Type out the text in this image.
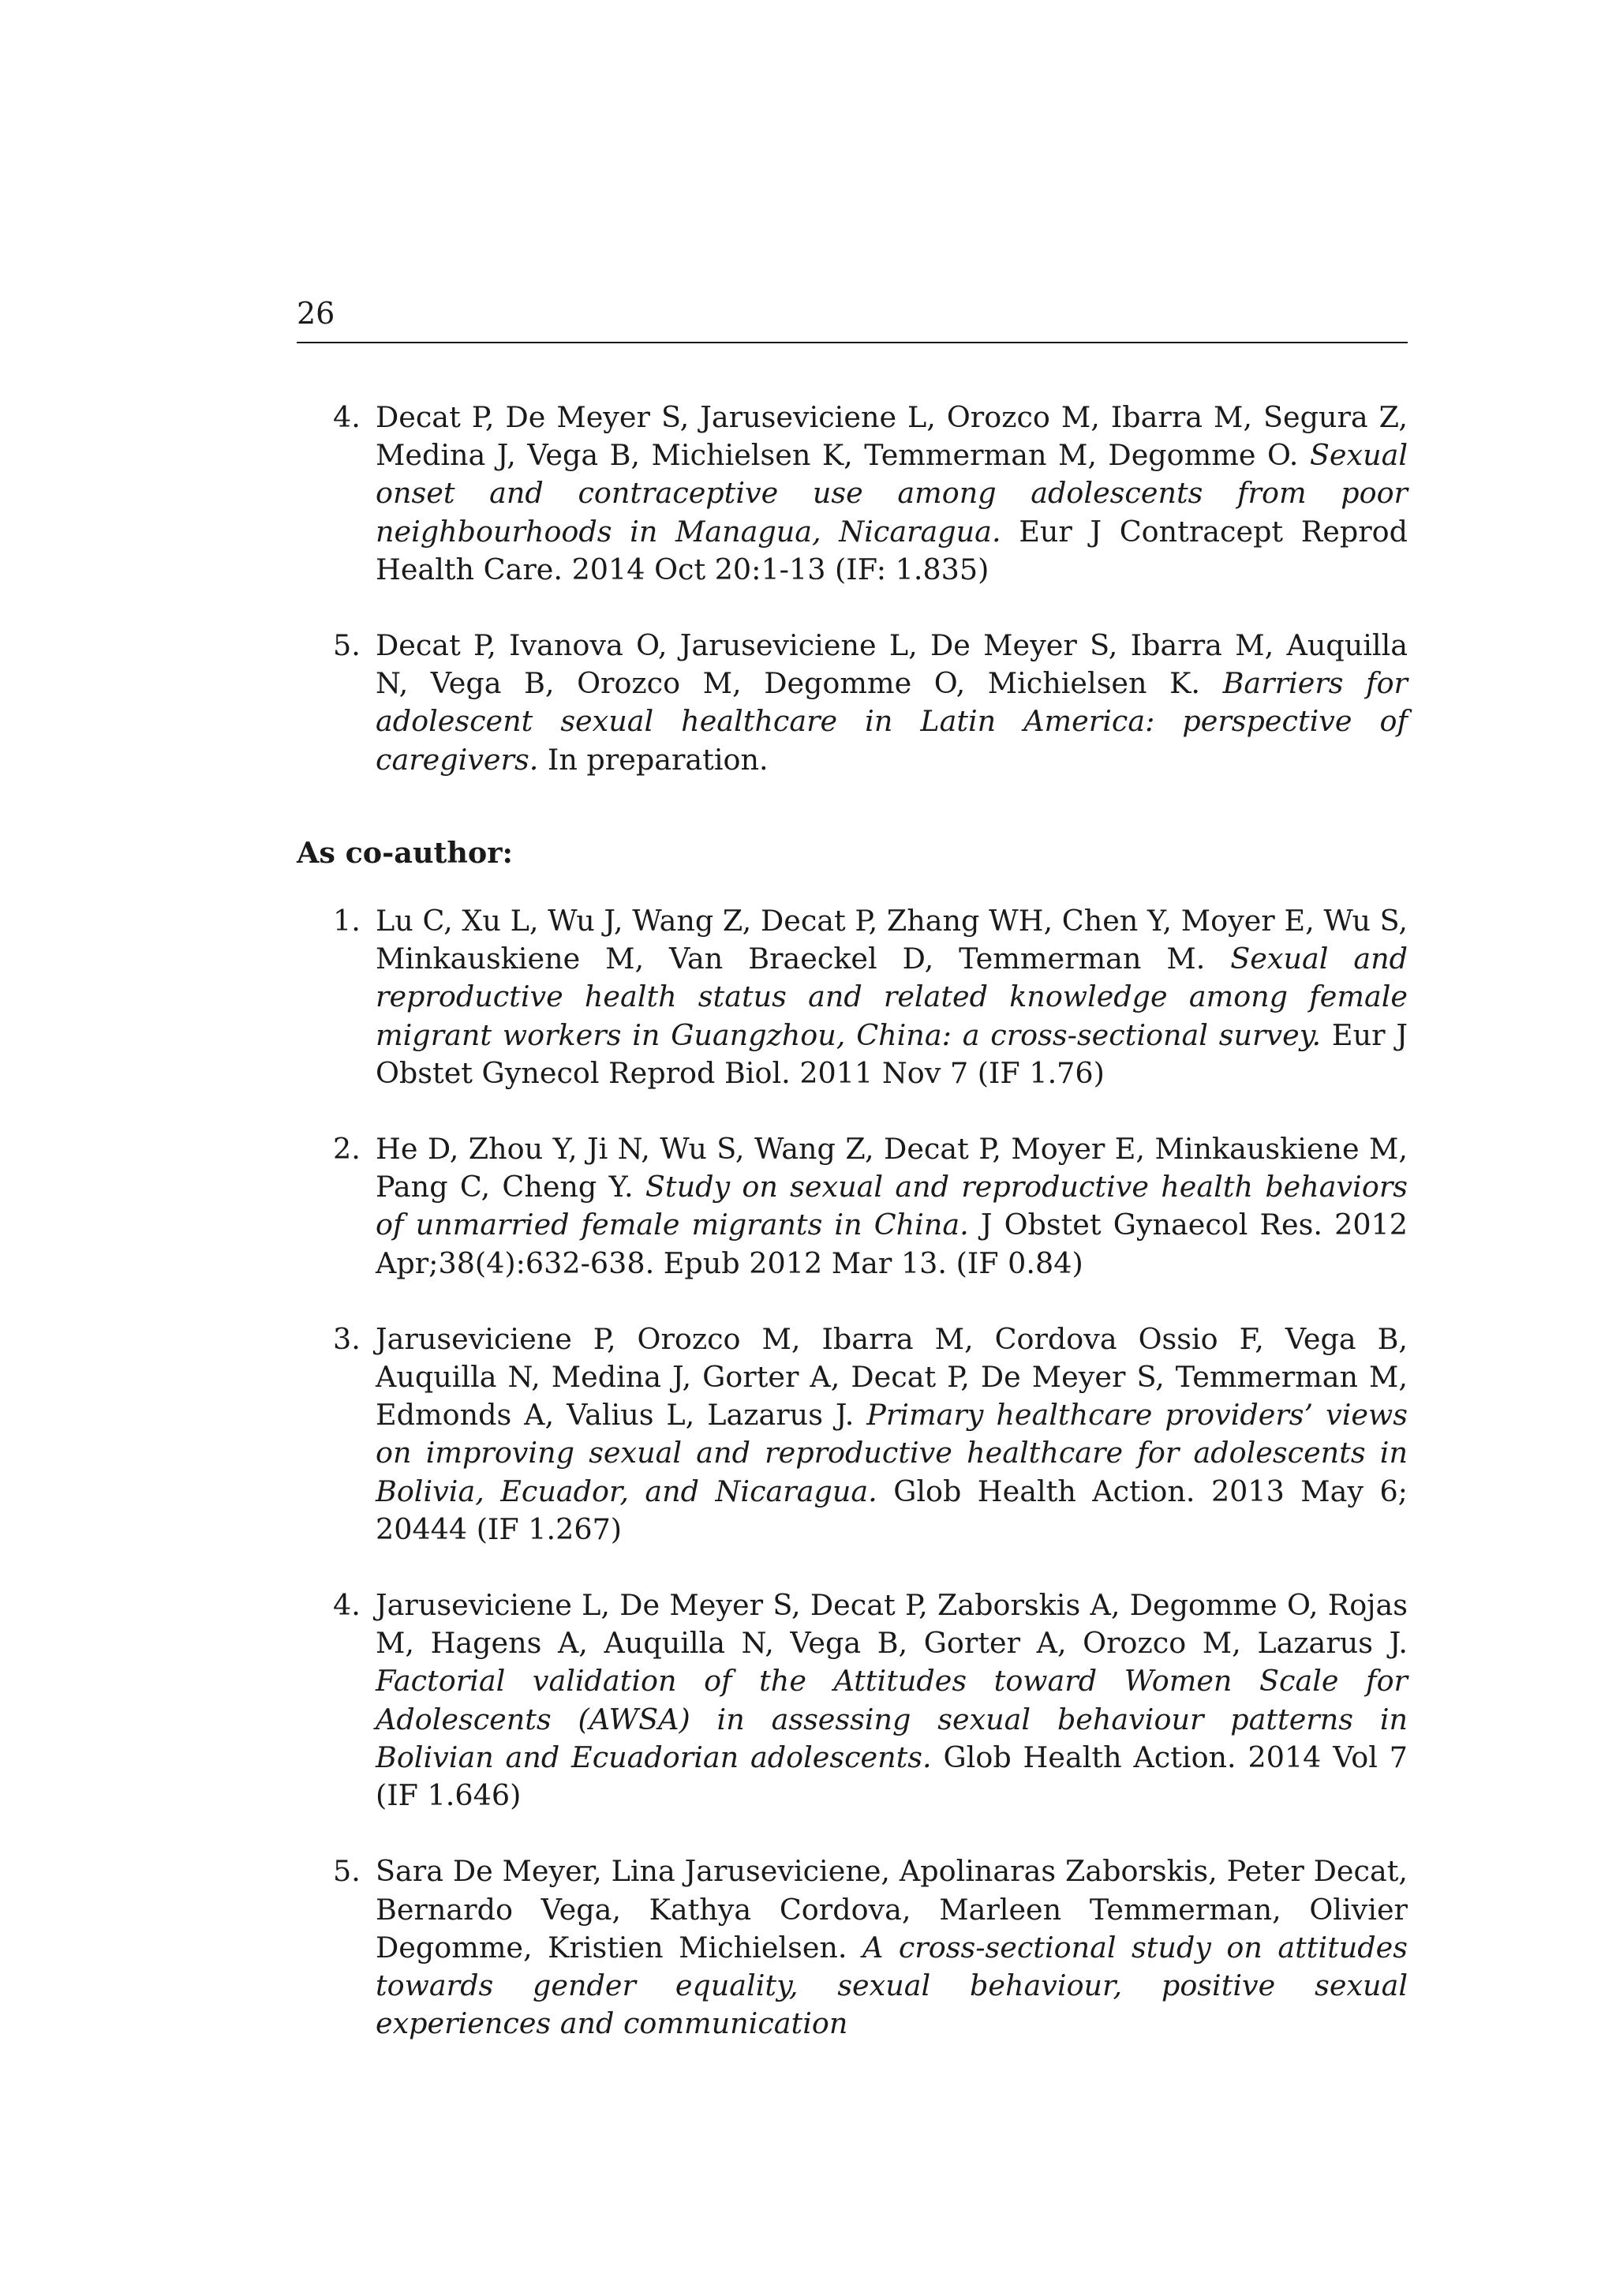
26
4. Decat P, De Meyer S, Jaruseviciene L, Orozco M, Ibarra M, Segura Z, Medina J, Vega B, Michielsen K, Temmerman M, Degomme O. Sexual onset and contraceptive use among adolescents from poor neighbourhoods in Managua, Nicaragua. Eur J Contracept Reprod Health Care. 2014 Oct 20:1-13 (IF: 1.835)
5. Decat P, Ivanova O, Jaruseviciene L, De Meyer S, Ibarra M, Auquilla N, Vega B, Orozco M, Degomme O, Michielsen K. Barriers for adolescent sexual healthcare in Latin America: perspective of caregivers. In preparation.
As co-author:
1. Lu C, Xu L, Wu J, Wang Z, Decat P, Zhang WH, Chen Y, Moyer E, Wu S, Minkauskiene M, Van Braeckel D, Temmerman M. Sexual and reproductive health status and related knowledge among female migrant workers in Guangzhou, China: a cross-sectional survey. Eur J Obstet Gynecol Reprod Biol. 2011 Nov 7 (IF 1.76)
2. He D, Zhou Y, Ji N, Wu S, Wang Z, Decat P, Moyer E, Minkauskiene M, Pang C, Cheng Y. Study on sexual and reproductive health behaviors of unmarried female migrants in China. J Obstet Gynaecol Res. 2012 Apr;38(4):632-638. Epub 2012 Mar 13. (IF 0.84)
3. Jaruseviciene P, Orozco M, Ibarra M, Cordova Ossio F, Vega B, Auquilla N, Medina J, Gorter A, Decat P, De Meyer S, Temmerman M, Edmonds A, Valius L, Lazarus J. Primary healthcare providers’ views on improving sexual and reproductive healthcare for adolescents in Bolivia, Ecuador, and Nicaragua. Glob Health Action. 2013 May 6; 20444 (IF 1.267)
4. Jaruseviciene L, De Meyer S, Decat P, Zaborskis A, Degomme O, Rojas M, Hagens A, Auquilla N, Vega B, Gorter A, Orozco M, Lazarus J. Factorial validation of the Attitudes toward Women Scale for Adolescents (AWSA) in assessing sexual behaviour patterns in Bolivian and Ecuadorian adolescents. Glob Health Action. 2014 Vol 7 (IF 1.646)
5. Sara De Meyer, Lina Jaruseviciene, Apolinaras Zaborskis, Peter Decat, Bernardo Vega, Kathya Cordova, Marleen Temmerman, Olivier Degomme, Kristien Michielsen. A cross-sectional study on attitudes towards gender equality, sexual behaviour, positive sexual experiences and communication
